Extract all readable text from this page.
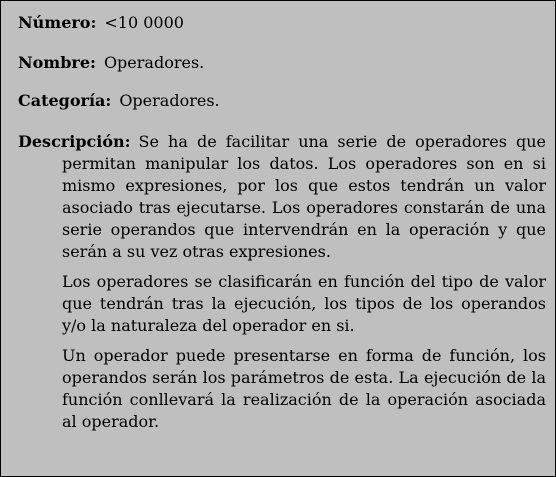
Número: <10 0000
Nombre: Operadores.
Categoría: Operadores.

Descripción: Se ha de facilitar una serie de operadores que permitan manipular los datos. Los operadores son en si mismo expresiones, por los que estos tendrán un valor asociado tras ejecutarse. Los operadores constarán de una serie operandos que intervendrán en la operación y que serán a su vez otras expresiones.

Los operadores se clasificarán en función del tipo de valor que tendrán tras la ejecución, los tipos de los operandos y/o la naturaleza del operador en si.

Un operador puede presentarse en forma de función, los operandos serán los parámetros de esta. La ejecución de la función conllevará la realización de la operación asociada al operador.
